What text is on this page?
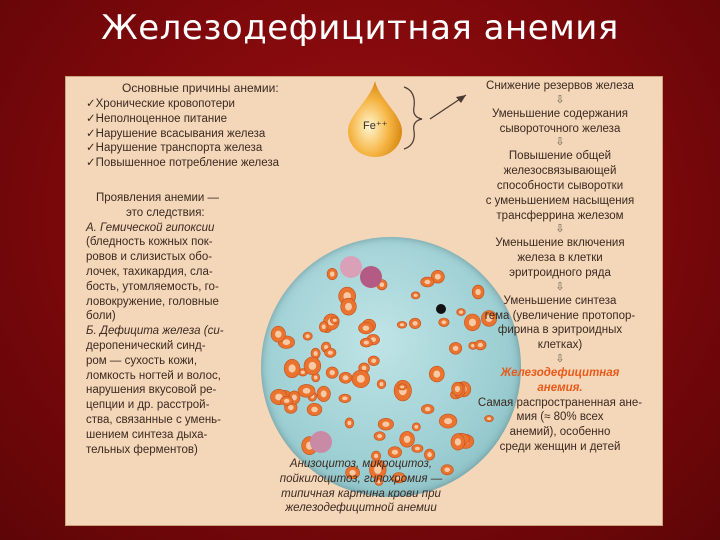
Железодефицитная анемия
Основные причины анемии:
✓ Хронические кровопотери
✓ Неполноценное питание
✓ Нарушение всасывания железа
✓ Нарушение транспорта железа
✓ Повышенное потребление железа
Fe⁺⁺
Проявления анемии —
это следствия:
А. Гемической гипоксии
(бледность кожных пок-
ровов и слизистых обо-
лочек, тахикардия, сла-
бость, утомляемость, го-
ловокружение, головные
боли)
Б. Дефицита железа (си-
деропенический синд-
ром — сухость кожи,
ломкость ногтей и волос,
нарушения вкусовой ре-
цепции и др. расстрой-
ства, связанные с умень-
шением синтеза дыха-
тельных ферментов)
Анизоцитоз, микроцитоз,
пойкилоцитоз, гипохромия —
типичная картина крови при
железодефицитной анемии
Снижение резервов железа
⇩
Уменьшение содержания
сывороточного железа
⇩
Повышение общей
железосвязывающей
способности сыворотки
с уменьшением насыщения
трансферрина железом
⇩
Уменьшение включения
железа в клетки
эритроидного ряда
⇩
Уменьшение синтеза
гема (увеличение протопор-
фирина в эритроидных
клетках)
⇩
Железодефицитная
анемия.
Самая распространенная ане-
мия (≈ 80% всех
анемий), особенно
среди женщин и детей
